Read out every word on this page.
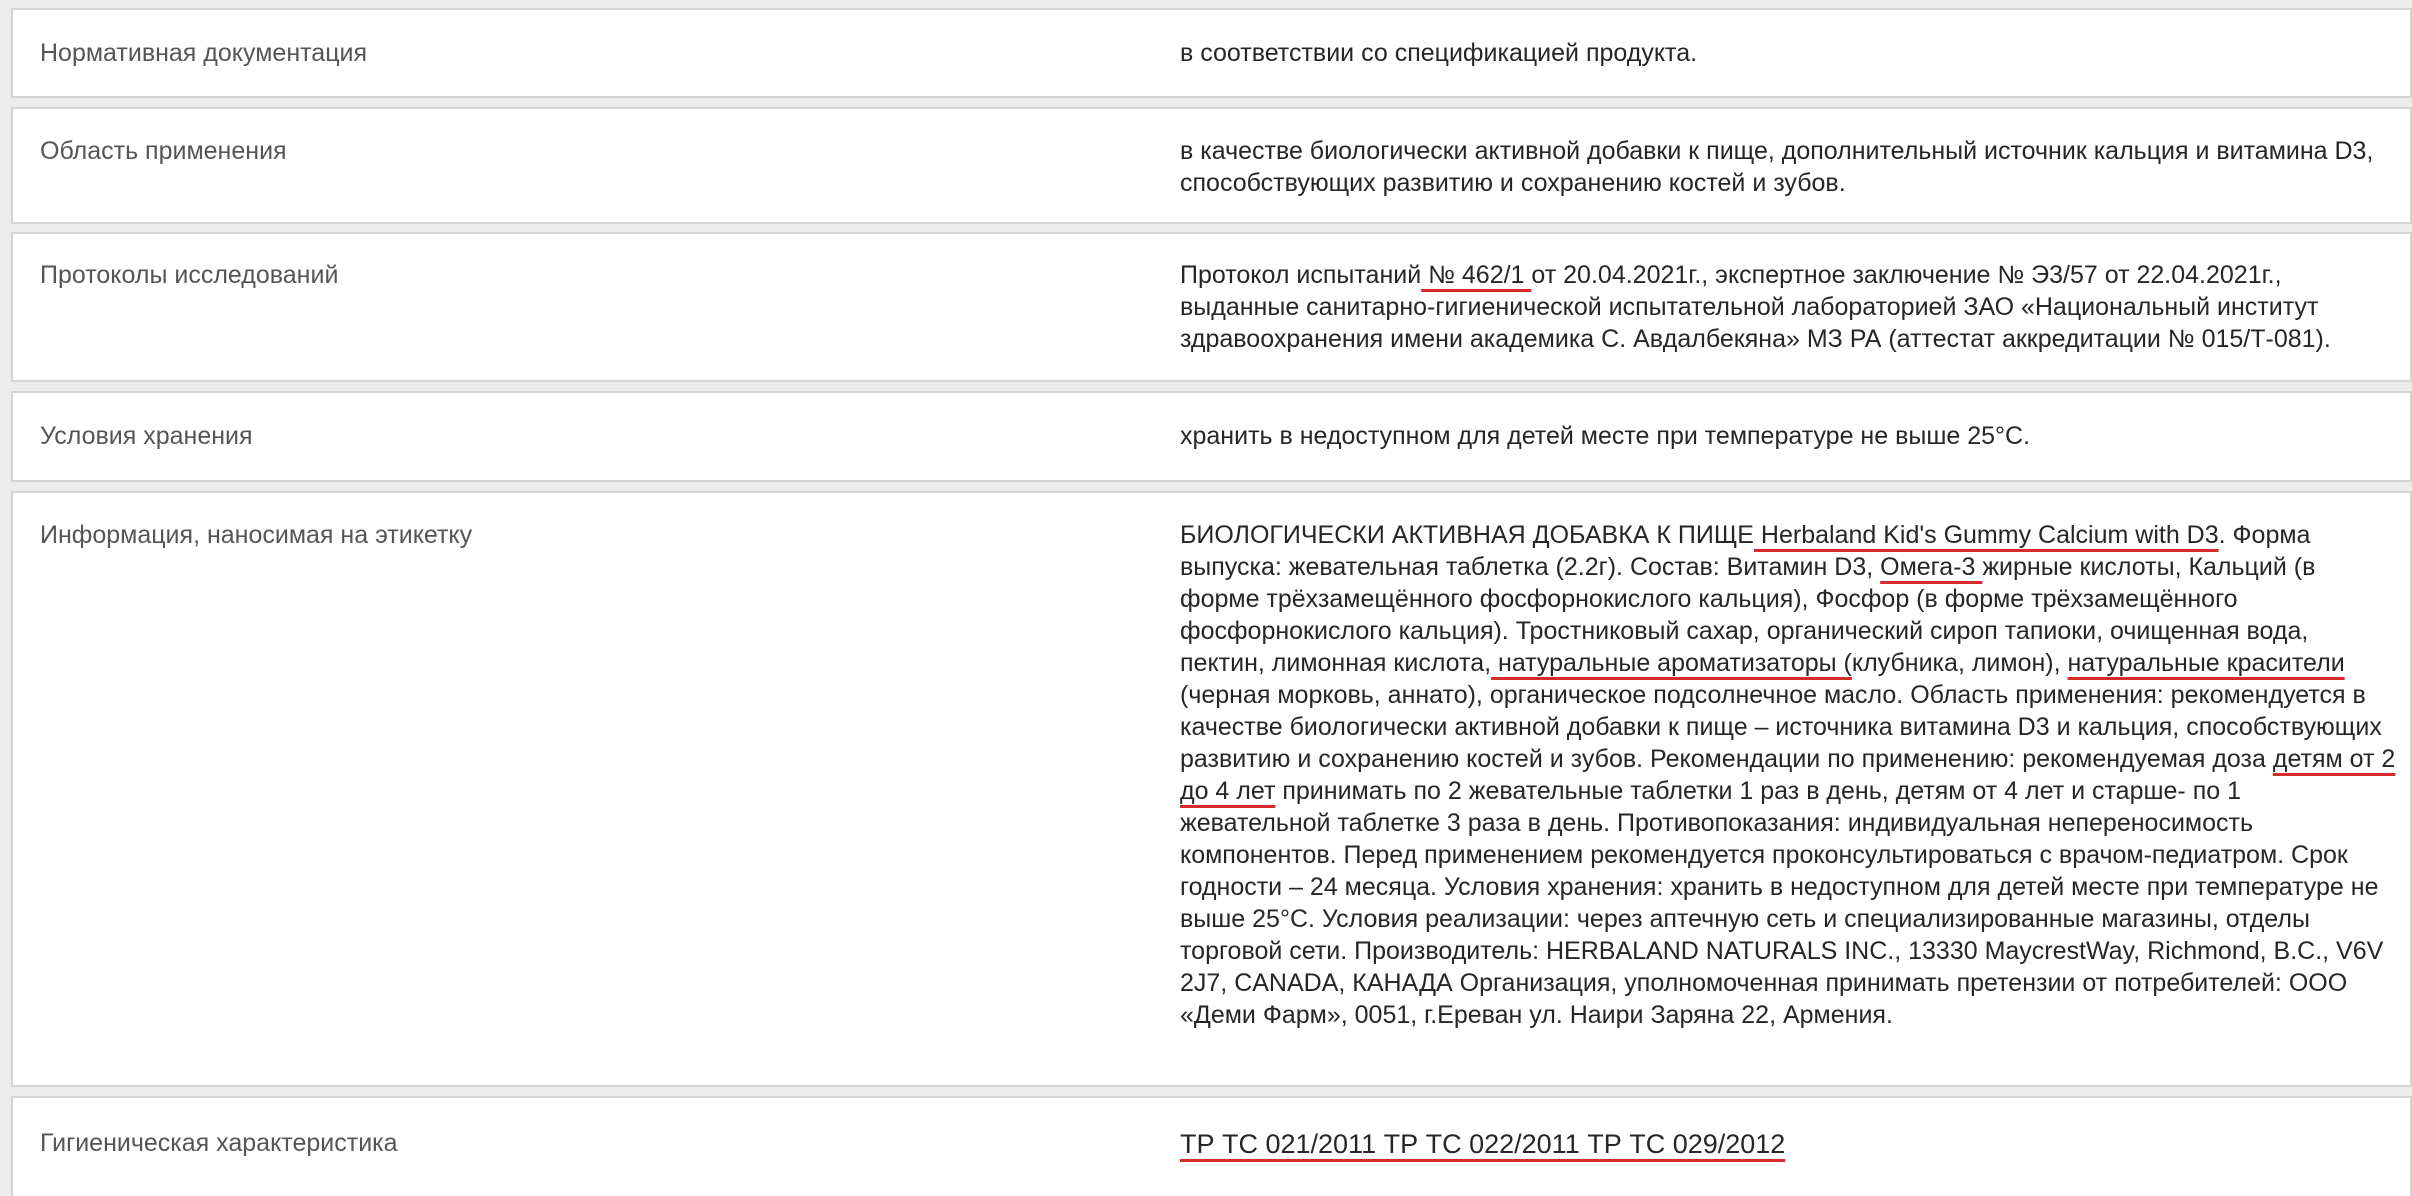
Нормативная документация	в соответствии со спецификацией продукта.
Область применения	в качестве биологически активной добавки к пище, дополнительный источник кальция и витамина D3, способствующих развитию и сохранению костей и зубов.
Протоколы исследований	Протокол испытаний № 462/1 от 20.04.2021г., экспертное заключение № Э3/57 от 22.04.2021г., выданные санитарно-гигиенической испытательной лабораторией ЗАО «Национальный институт здравоохранения имени академика С. Авдалбекяна» МЗ РА (аттестат аккредитации № 015/Т-081).
Условия хранения	хранить в недоступном для детей месте при температуре не выше 25°С.
Информация, наносимая на этикетку	БИОЛОГИЧЕСКИ АКТИВНАЯ ДОБАВКА К ПИЩЕ Herbaland Kid's Gummy Calcium with D3. Форма выпуска: жевательная таблетка (2.2г). Состав: Витамин D3, Омега-3 жирные кислоты, Кальций (в форме трёхзамещённого фосфорнокислого кальция), Фосфор (в форме трёхзамещённого фосфорнокислого кальция). Тростниковый сахар, органический сироп тапиоки, очищенная вода, пектин, лимонная кислота, натуральные ароматизаторы (клубника, лимон), натуральные красители (черная морковь, аннато), органическое подсолнечное масло. Область применения: рекомендуется в качестве биологически активной добавки к пище – источника витамина D3 и кальция, способствующих развитию и сохранению костей и зубов. Рекомендации по применению: рекомендуемая доза детям от 2 до 4 лет принимать по 2 жевательные таблетки 1 раз в день, детям от 4 лет и старше- по 1 жевательной таблетке 3 раза в день. Противопоказания: индивидуальная непереносимость компонентов. Перед применением рекомендуется проконсультироваться с врачом-педиатром. Срок годности – 24 месяца. Условия хранения: хранить в недоступном для детей месте при температуре не выше 25°С. Условия реализации: через аптечную сеть и специализированные магазины, отделы торговой сети. Производитель: HERBALAND NATURALS INC., 13330 MaycrestWay, Richmond, B.C., V6V 2J7, CANADA, КАНАДА Организация, уполномоченная принимать претензии от потребителей: ООО «Деми Фарм», 0051, г.Ереван ул. Наири Заряна 22, Армения.
Гигиеническая характеристика	ТР ТС 021/2011 ТР ТС 022/2011 ТР ТС 029/2012
